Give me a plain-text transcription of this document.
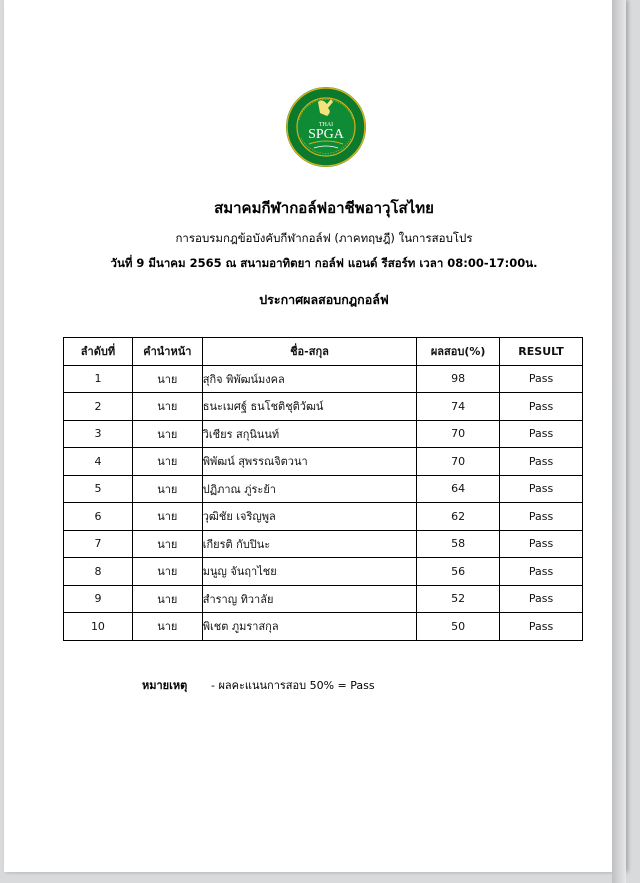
THAI
SPGA
สมาคมกีฬากอล์ฟอาชีพอาวุโสไทย
การอบรมกฎข้อบังคับกีฬากอล์ฟ (ภาคทฤษฎี) ในการสอบโปร
วันที่ 9 มีนาคม 2565 ณ สนามอาทิตยา กอล์ฟ แอนด์ รีสอร์ท เวลา 08:00-17:00น.
ประกาศผลสอบกฎกอล์ฟ
ลำดับที่	คำนำหน้า	ชื่อ-สกุล	ผลสอบ(%)	RESULT
1	นาย	สุกิจ พิพัฒน์มงคล	98	Pass
2	นาย	ธนะเมศฐ์ ธนโชติชุติวัฒน์	74	Pass
3	นาย	วิเชียร สกุนินนท์	70	Pass
4	นาย	พิพัฒน์ สุพรรณจิตวนา	70	Pass
5	นาย	ปฏิภาณ ภู่ระย้า	64	Pass
6	นาย	วุฒิชัย เจริญพูล	62	Pass
7	นาย	เกียรติ กับปินะ	58	Pass
8	นาย	มนูญ จันฤาไชย	56	Pass
9	นาย	สำราญ ทิวาลัย	52	Pass
10	นาย	พิเชต ภูมราสกุล	50	Pass
หมายเหตุ - ผลคะแนนการสอบ 50% = Pass
